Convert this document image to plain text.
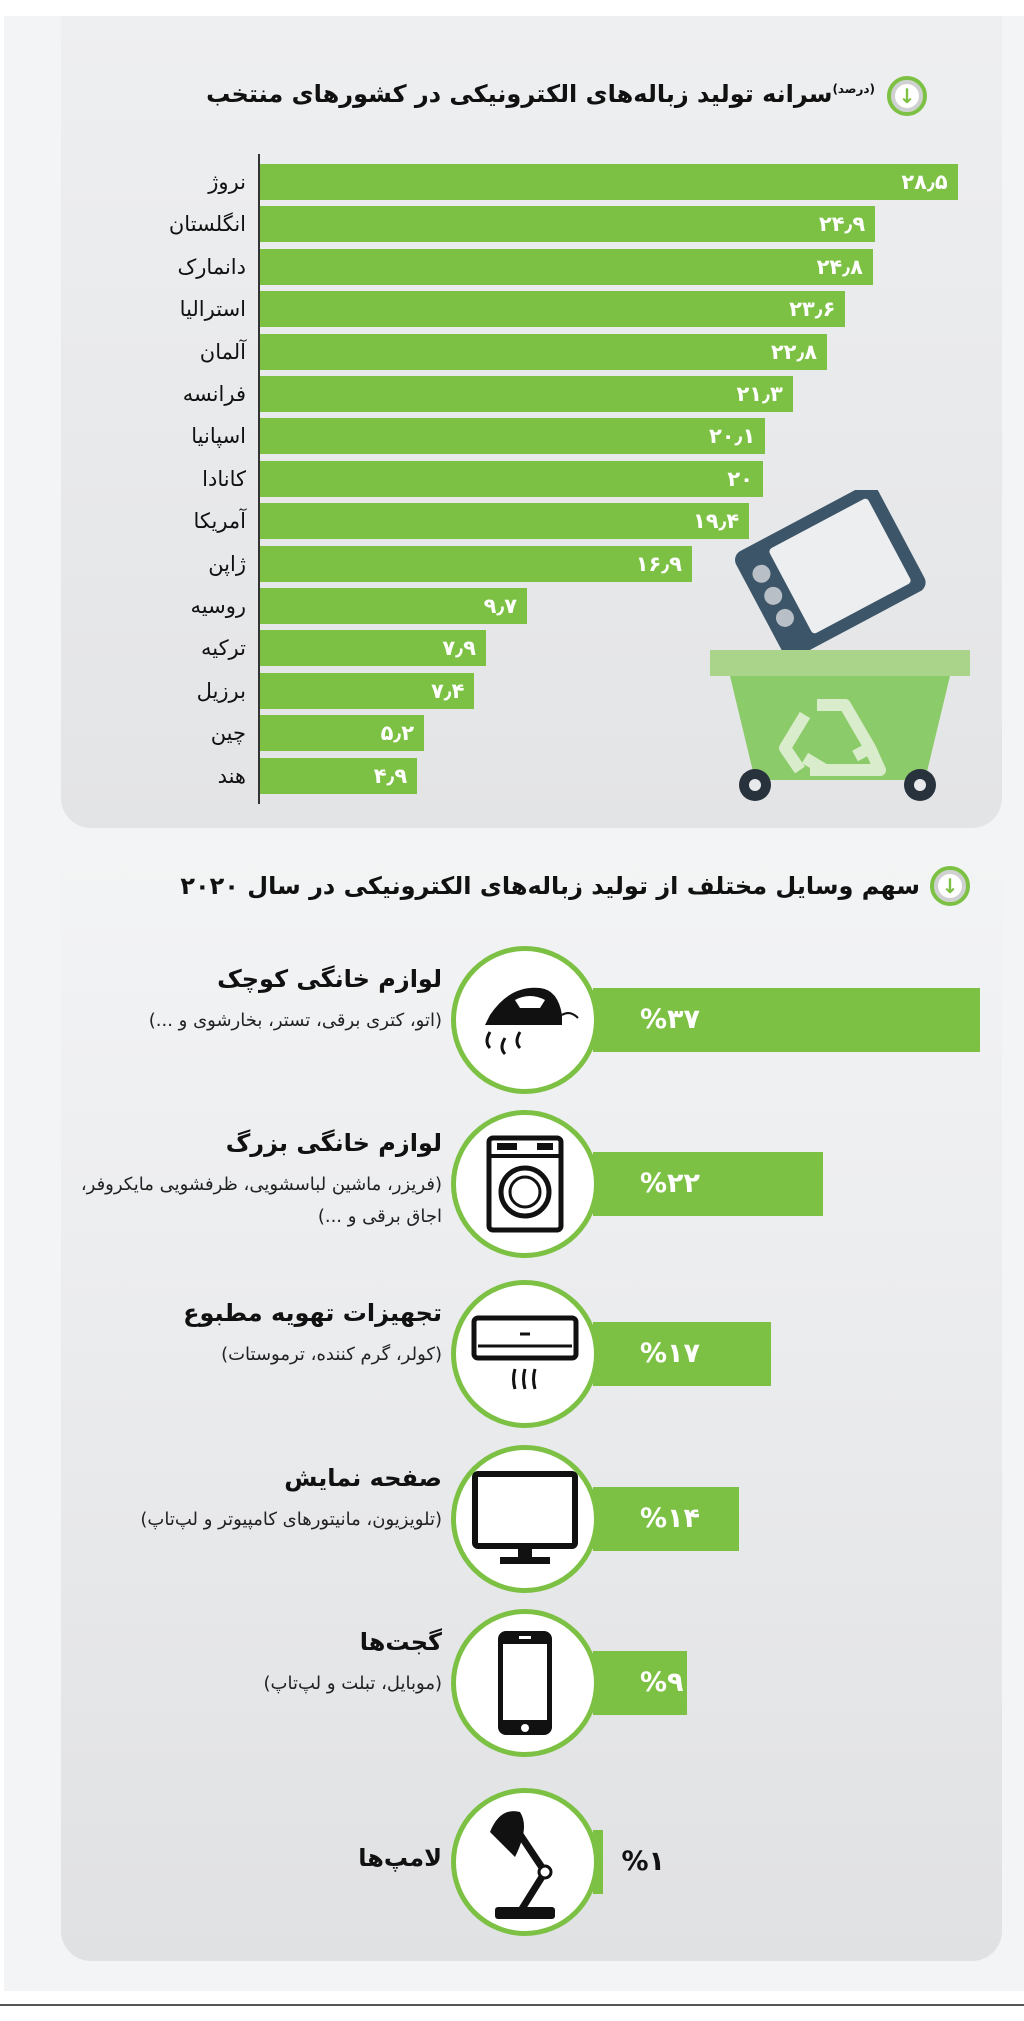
↓
$^{(درصد)}$سرانه تولید زباله‌های الکترونیکی در کشورهای منتخب
نروژ	۲۸٫۵
انگلستان	۲۴٫۹
دانمارک	۲۴٫۸
استرالیا	۲۳٫۶
آلمان	۲۲٫۸
فرانسه	۲۱٫۳
اسپانیا	۲۰٫۱
کانادا	۲۰
آمریکا	۱۹٫۴
ژاپن	۱۶٫۹
روسیه	۹٫۷
ترکیه	۷٫۹
برزیل	۷٫۴
چین	۵٫۲
هند	۴٫۹
↓
سهم وسایل مختلف از تولید زباله‌های الکترونیکی در سال ۲۰۲۰
%۳۷
لوازم خانگی کوچک
(اتو، کتری برقی، تستر، بخارشوی و ...)
%۲۲
لوازم خانگی بزرگ
(فریزر، ماشین لباسشویی، ظرفشویی مایکروفر، اجاق برقی و ...)
%۱۷
تجهیزات تهویه مطبوع
(کولر، گرم کننده، ترموستات)
%۱۴
صفحه نمایش
(تلویزیون، مانیتورهای کامپیوتر و لپ‌تاپ)
%۹
گجت‌ها
(موبایل، تبلت و لپ‌تاپ)
%۱
لامپ‌ها
